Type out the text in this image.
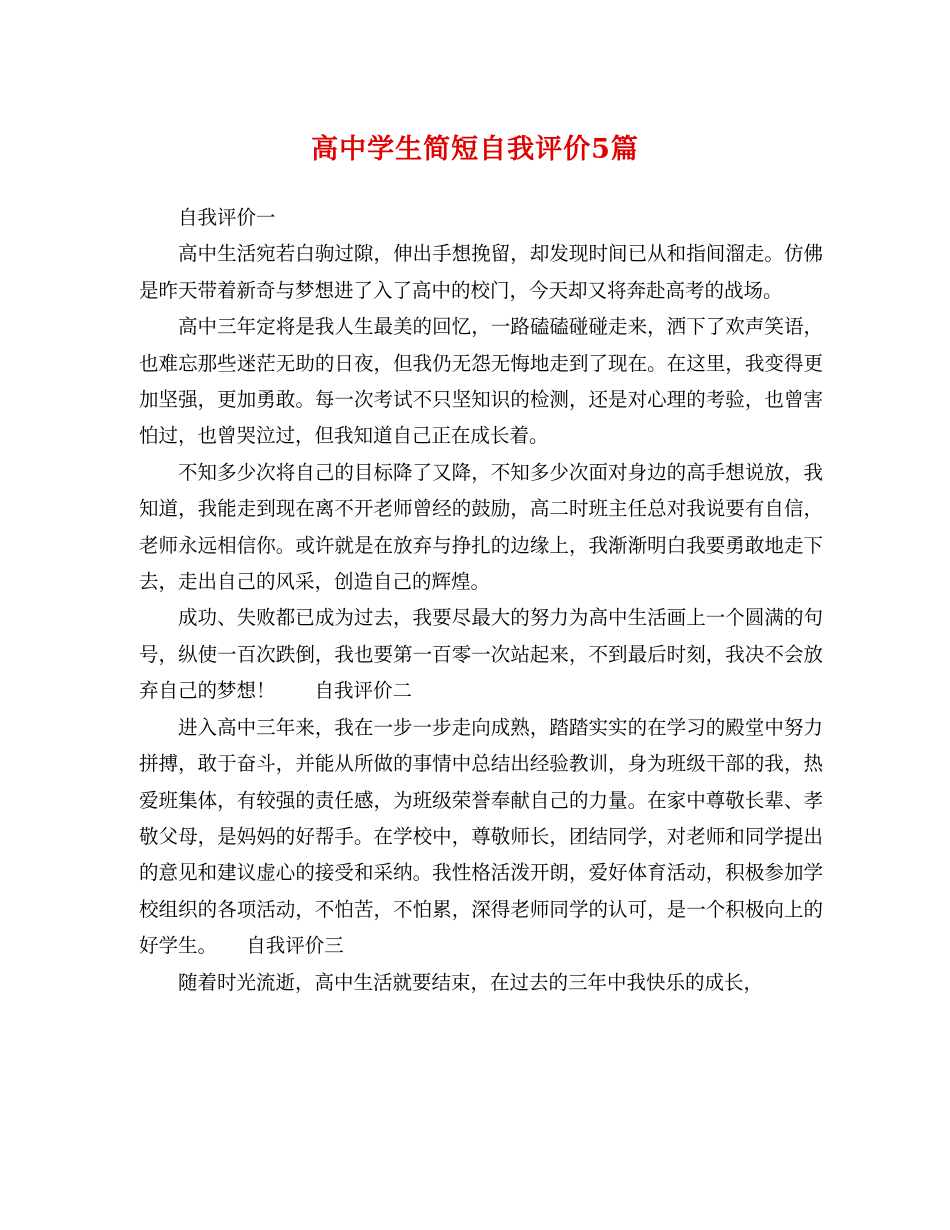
高中学生简短自我评价5篇

自我评价一

高中生活宛若白驹过隙，伸出手想挽留，却发现时间已从和指间溜走。仿佛是昨天带着新奇与梦想进了入了高中的校门，今天却又将奔赴高考的战场。

高中三年定将是我人生最美的回忆，一路磕磕碰碰走来，洒下了欢声笑语，也难忘那些迷茫无助的日夜，但我仍无怨无悔地走到了现在。在这里，我变得更加坚强，更加勇敢。每一次考试不只坚知识的检测，还是对心理的考验，也曾害怕过，也曾哭泣过，但我知道自己正在成长着。

不知多少次将自己的目标降了又降，不知多少次面对身边的高手想说放，我知道，我能走到现在离不开老师曾经的鼓励，高二时班主任总对我说要有自信，老师永远相信你。或许就是在放弃与挣扎的边缘上，我渐渐明白我要勇敢地走下去，走出自己的风采，创造自己的辉煌。

成功、失败都已成为过去，我要尽最大的努力为高中生活画上一个圆满的句号，纵使一百次跌倒，我也要第一百零一次站起来，不到最后时刻，我决不会放弃自己的梦想！　　自我评价二

进入高中三年来，我在一步一步走向成熟，踏踏实实的在学习的殿堂中努力拼搏，敢于奋斗，并能从所做的事情中总结出经验教训，身为班级干部的我，热爱班集体，有较强的责任感，为班级荣誉奉献自己的力量。在家中尊敬长辈、孝敬父母，是妈妈的好帮手。在学校中，尊敬师长，团结同学，对老师和同学提出的意见和建议虚心的接受和采纳。我性格活泼开朗，爱好体育活动，积极参加学校组织的各项活动，不怕苦，不怕累，深得老师同学的认可，是一个积极向上的好学生。　　自我评价三

随着时光流逝，高中生活就要结束，在过去的三年中我快乐的成长，
